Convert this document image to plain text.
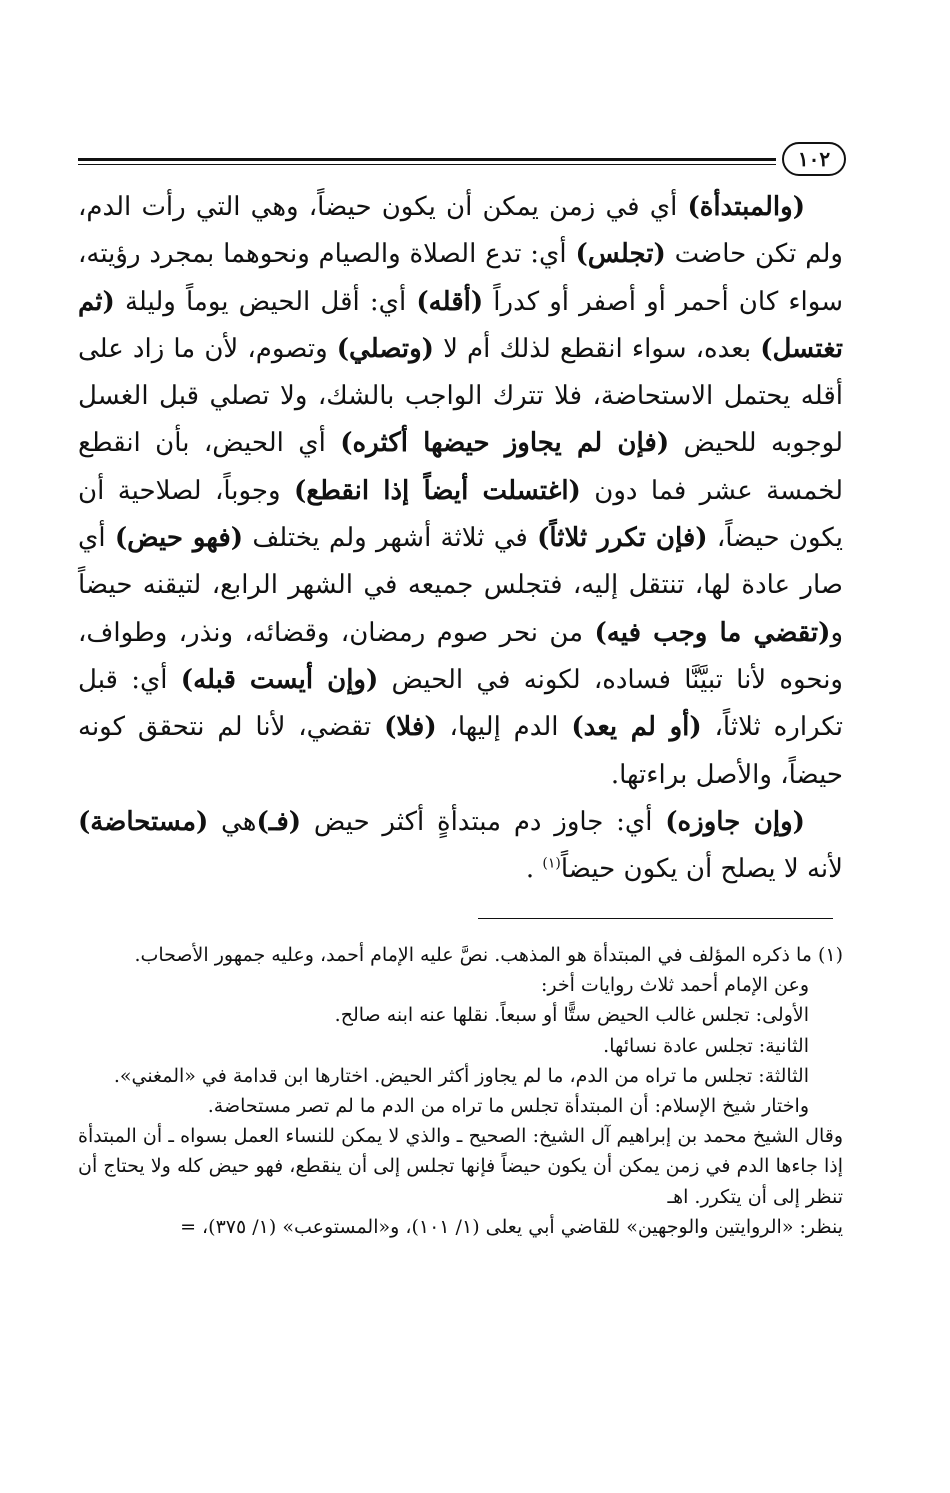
١٠٢

(والمبتدأة) أي في زمن يمكن أن يكون حيضاً، وهي التي رأت الدم، ولم تكن حاضت (تجلس) أي: تدع الصلاة والصيام ونحوهما بمجرد رؤيته، سواء كان أحمر أو أصفر أو كدراً (أقله) أي: أقل الحيض يوماً وليلة (ثم تغتسل) بعده، سواء انقطع لذلك أم لا (وتصلي) وتصوم، لأن ما زاد على أقله يحتمل الاستحاضة، فلا تترك الواجب بالشك، ولا تصلي قبل الغسل لوجوبه للحيض (فإن لم يجاوز حيضها أكثره) أي الحيض، بأن انقطع لخمسة عشر فما دون (اغتسلت أيضاً إذا انقطع) وجوباً، لصلاحية أن يكون حيضاً، (فإن تكرر ثلاثاً) في ثلاثة أشهر ولم يختلف (فهو حيض) أي صار عادة لها، تنتقل إليه، فتجلس جميعه في الشهر الرابع، لتيقنه حيضاً و(تقضي ما وجب فيه) من نحر صوم رمضان، وقضائه، ونذر، وطواف، ونحوه لأنا تبيَّنَّا فساده، لكونه في الحيض (وإن أيست قبله) أي: قبل تكراره ثلاثاً، (أو لم يعد) الدم إليها، (فلا) تقضي، لأنا لم نتحقق كونه حيضاً، والأصل براءتها.

(وإن جاوزه) أي: جاوز دم مبتدأةٍ أكثر حيض (فـ)هي (مستحاضة) لأنه لا يصلح أن يكون حيضاً$^{(١)}$ .

(١) ما ذكره المؤلف في المبتدأة هو المذهب. نصَّ عليه الإمام أحمد، وعليه جمهور الأصحاب.

وعن الإمام أحمد ثلاث روايات أخر:

الأولى: تجلس غالب الحيض ستًّا أو سبعاً. نقلها عنه ابنه صالح.

الثانية: تجلس عادة نسائها.

الثالثة: تجلس ما تراه من الدم، ما لم يجاوز أكثر الحيض. اختارها ابن قدامة في «المغني».

واختار شيخ الإسلام: أن المبتدأة تجلس ما تراه من الدم ما لم تصر مستحاضة.

وقال الشيخ محمد بن إبراهيم آل الشيخ: الصحيح ـ والذي لا يمكن للنساء العمل بسواه ـ أن المبتدأة إذا جاءها الدم في زمن يمكن أن يكون حيضاً فإنها تجلس إلى أن ينقطع، فهو حيض كله ولا يحتاج أن تنظر إلى أن يتكرر. اهـ

ينظر: «الروايتين والوجهين» للقاضي أبي يعلى (١/ ١٠١)، و«المستوعب» (١/ ٣٧٥)، =
